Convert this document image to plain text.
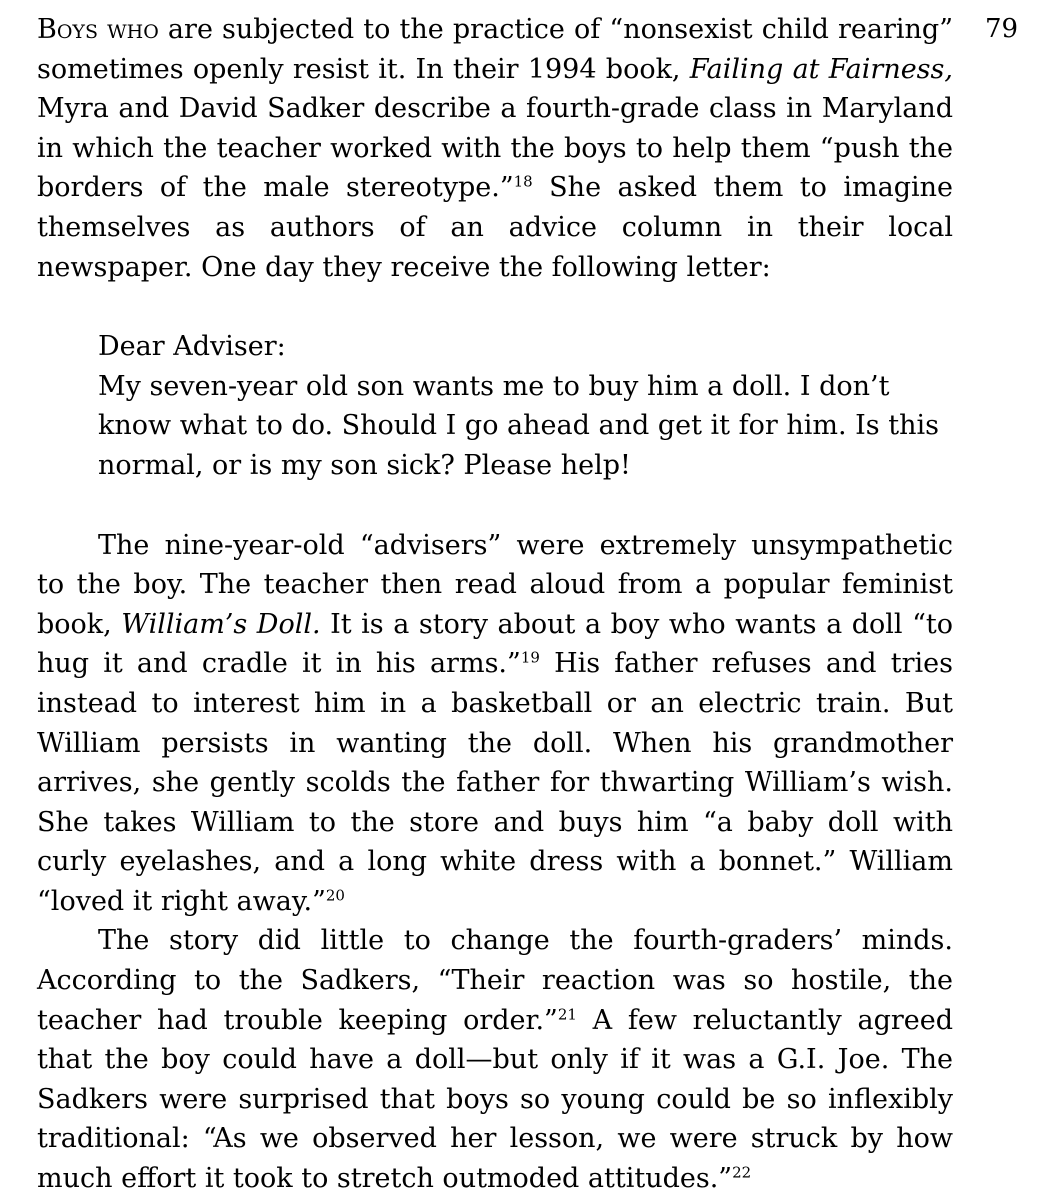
79

Boys who are subjected to the practice of “nonsexist child rearing” sometimes openly resist it. In their 1994 book, Failing at Fairness, Myra and David Sadker describe a fourth-grade class in Maryland in which the teacher worked with the boys to help them “push the borders of the male stereotype.”$^{18}$ She asked them to imagine themselves as authors of an advice column in their local newspaper. One day they receive the following letter:

Dear Adviser:

My seven-year old son wants me to buy him a doll. I don’t know what to do. Should I go ahead and get it for him. Is this normal, or is my son sick? Please help!

The nine-year-old “advisers” were extremely unsympathetic to the boy. The teacher then read aloud from a popular feminist book, William’s Doll. It is a story about a boy who wants a doll “to hug it and cradle it in his arms.”$^{19}$ His father refuses and tries instead to interest him in a basketball or an electric train. But William persists in wanting the doll. When his grandmother arrives, she gently scolds the father for thwarting William’s wish. She takes William to the store and buys him “a baby doll with curly eyelashes, and a long white dress with a bonnet.” William “loved it right away.”$^{20}$

The story did little to change the fourth-graders’ minds. According to the Sadkers, “Their reaction was so hostile, the teacher had trouble keeping order.”$^{21}$ A few reluctantly agreed that the boy could have a doll—but only if it was a G.I. Joe. The Sadkers were surprised that boys so young could be so inflexibly traditional: “As we observed her lesson, we were struck by how much effort it took to stretch outmoded attitudes.”$^{22}$
